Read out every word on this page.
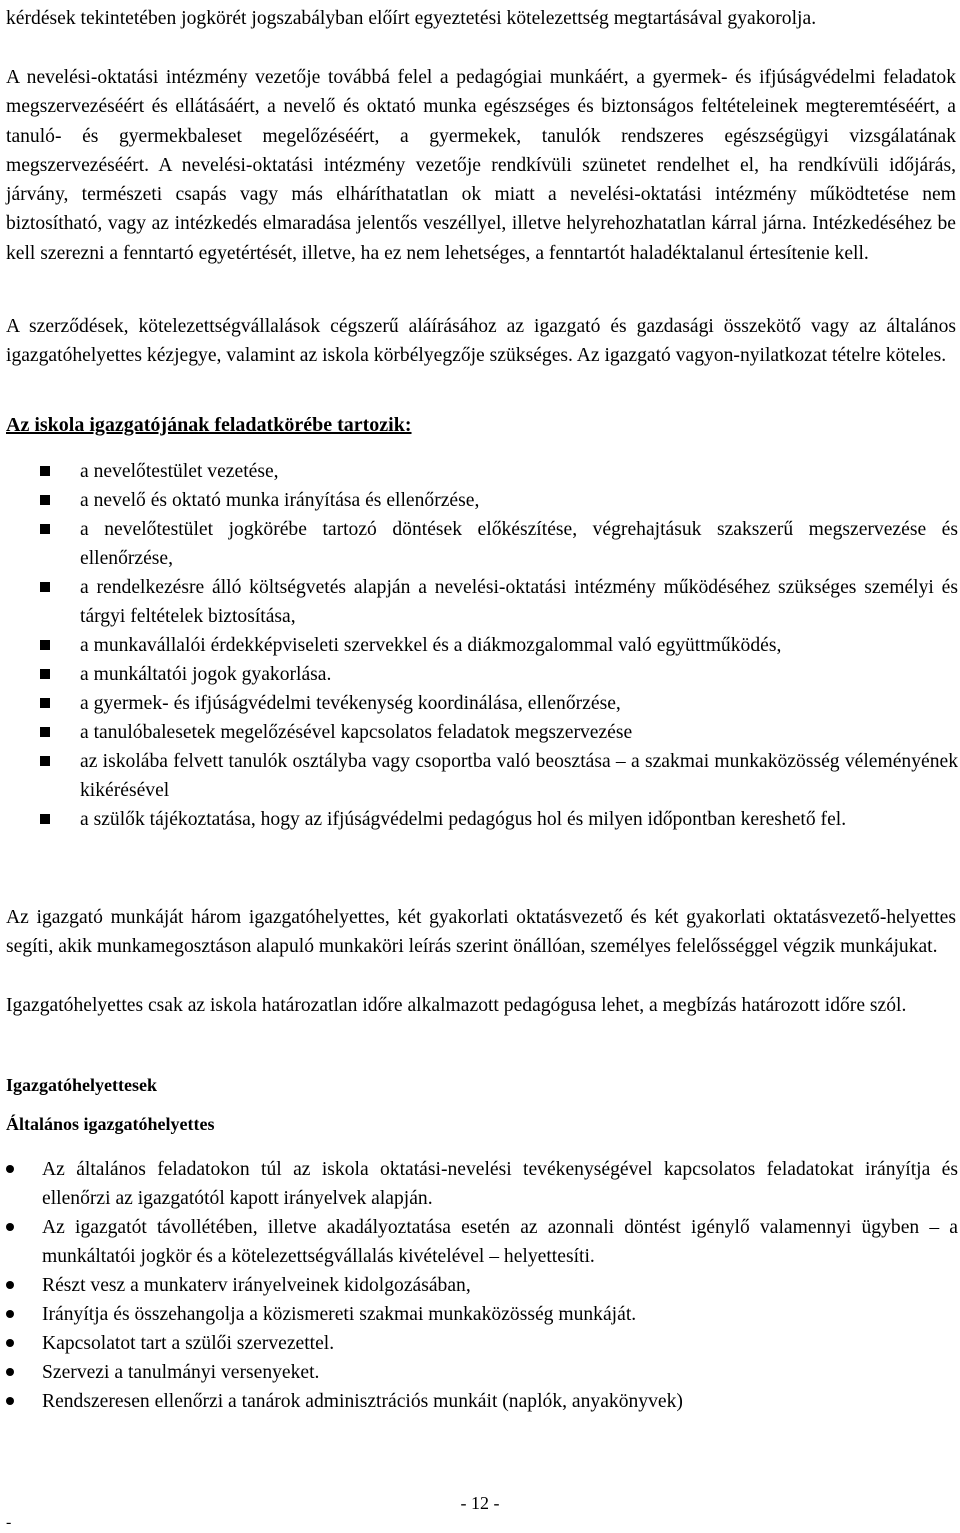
kérdések tekintetében jogkörét jogszabályban előírt egyeztetési kötelezettség megtartásával gyakorolja.

A nevelési-oktatási intézmény vezetője továbbá felel a pedagógiai munkáért, a gyermek- és ifjúságvédelmi feladatok megszervezéséért és ellátásáért, a nevelő és oktató munka egészséges és biztonságos feltételeinek megteremtéséért, a tanuló- és gyermekbaleset megelőzéséért, a gyermekek, tanulók rendszeres egészségügyi vizsgálatának megszervezéséért. A nevelési-oktatási intézmény vezetője rendkívüli szünetet rendelhet el, ha rendkívüli időjárás, járvány, természeti csapás vagy más elháríthatatlan ok miatt a nevelési-oktatási intézmény működtetése nem biztosítható, vagy az intézkedés elmaradása jelentős veszéllyel, illetve helyrehozhatatlan kárral járna. Intézkedéséhez be kell szerezni a fenntartó egyetértését, illetve, ha ez nem lehetséges, a fenntartót haladéktalanul értesítenie kell.

A szerződések, kötelezettségvállalások cégszerű aláírásához az igazgató és gazdasági összekötő vagy az általános igazgatóhelyettes kézjegye, valamint az iskola körbélyegzője szükséges. Az igazgató vagyon-nyilatkozat tételre köteles.

Az iskola igazgatójának feladatkörébe tartozik:
a nevelőtestület vezetése,
a nevelő és oktató munka irányítása és ellenőrzése,
a nevelőtestület jogkörébe tartozó döntések előkészítése, végrehajtásuk szakszerű megszervezése és ellenőrzése,
a rendelkezésre álló költségvetés alapján a nevelési-oktatási intézmény működéséhez szükséges személyi és tárgyi feltételek biztosítása,
a munkavállalói érdekképviseleti szervekkel és a diákmozgalommal való együttműködés,
a munkáltatói jogok gyakorlása.
a gyermek- és ifjúságvédelmi tevékenység koordinálása, ellenőrzése,
a tanulóbalesetek megelőzésével kapcsolatos feladatok megszervezése
az iskolába felvett tanulók osztályba vagy csoportba való beosztása – a szakmai munkaközösség véleményének kikérésével
a szülők tájékoztatása, hogy az ifjúságvédelmi pedagógus hol és milyen időpontban kereshető fel.

Az igazgató munkáját három igazgatóhelyettes, két gyakorlati oktatásvezető és két gyakorlati oktatásvezető-helyettes segíti, akik munkamegosztáson alapuló munkaköri leírás szerint önállóan, személyes felelősséggel végzik munkájukat.

Igazgatóhelyettes csak az iskola határozatlan időre alkalmazott pedagógusa lehet, a megbízás határozott időre szól.

Igazgatóhelyettesek
Általános igazgatóhelyettes
Az általános feladatokon túl az iskola oktatási-nevelési tevékenységével kapcsolatos feladatokat irányítja és ellenőrzi az igazgatótól kapott irányelvek alapján.
Az igazgatót távollétében, illetve akadályoztatása esetén az azonnali döntést igénylő valamennyi ügyben – a munkáltatói jogkör és a kötelezettségvállalás kivételével – helyettesíti.
Részt vesz a munkaterv irányelveinek kidolgozásában,
Irányítja és összehangolja a közismereti szakmai munkaközösség munkáját.
Kapcsolatot tart a szülői szervezettel.
Szervezi a tanulmányi versenyeket.
Rendszeresen ellenőrzi a tanárok adminisztrációs munkáit (naplók, anyakönyvek)
- 12 -
-
